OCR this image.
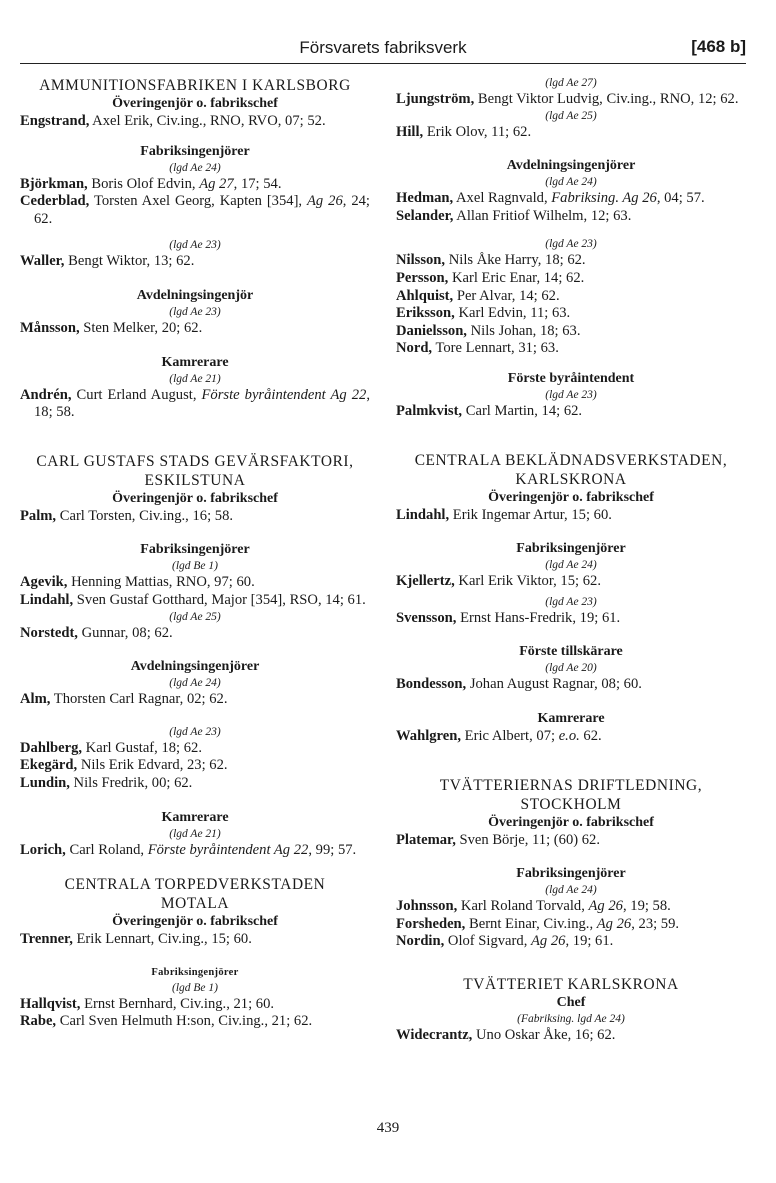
Försvarets fabriksverk	[468 b]
AMMUNITIONSFABRIKEN I KARLSBORG
Överingenjör o. fabrikschef
Engstrand, Axel Erik, Civ.ing., RNO, RVO, 07; 52.
Fabriksingenjörer
(lgd Ae 24)
Björkman, Boris Olof Edvin, Ag 27, 17; 54.
Cederblad, Torsten Axel Georg, Kapten [354], Ag 26, 24; 62.
(lgd Ae 23)
Waller, Bengt Wiktor, 13; 62.
Avdelningsingenjör
(lgd Ae 23)
Månsson, Sten Melker, 20; 62.
Kamrerare
(lgd Ae 21)
Andrén, Curt Erland August, Förste byråintendent Ag 22, 18; 58.
CARL GUSTAFS STADS GEVÄRSFAKTORI,
ESKILSTUNA
Överingenjör o. fabrikschef
Palm, Carl Torsten, Civ.ing., 16; 58.
Fabriksingenjörer
(lgd Be 1)
Agevik, Henning Mattias, RNO, 97; 60.
Lindahl, Sven Gustaf Gotthard, Major [354], RSO, 14; 61.
(lgd Ae 25)
Norstedt, Gunnar, 08; 62.
Avdelningsingenjörer
(lgd Ae 24)
Alm, Thorsten Carl Ragnar, 02; 62.
(lgd Ae 23)
Dahlberg, Karl Gustaf, 18; 62.
Ekegärd, Nils Erik Edvard, 23; 62.
Lundin, Nils Fredrik, 00; 62.
Kamrerare
(lgd Ae 21)
Lorich, Carl Roland, Förste byråintendent Ag 22, 99; 57.
CENTRALA TORPEDVERKSTADEN
MOTALA
Överingenjör o. fabrikschef
Trenner, Erik Lennart, Civ.ing., 15; 60.
Fabriksingenjörer
(lgd Be 1)
Hallqvist, Ernst Bernhard, Civ.ing., 21; 60.
Rabe, Carl Sven Helmuth H:son, Civ.ing., 21; 62.
(lgd Ae 27)
Ljungström, Bengt Viktor Ludvig, Civ.ing., RNO, 12; 62.
(lgd Ae 25)
Hill, Erik Olov, 11; 62.
Avdelningsingenjörer
(lgd Ae 24)
Hedman, Axel Ragnvald, Fabriksing. Ag 26, 04; 57.
Selander, Allan Fritiof Wilhelm, 12; 63.
(lgd Ae 23)
Nilsson, Nils Åke Harry, 18; 62.
Persson, Karl Eric Enar, 14; 62.
Ahlquist, Per Alvar, 14; 62.
Eriksson, Karl Edvin, 11; 63.
Danielsson, Nils Johan, 18; 63.
Nord, Tore Lennart, 31; 63.
Förste byråintendent
(lgd Ae 23)
Palmkvist, Carl Martin, 14; 62.
CENTRALA BEKLÄDNADSVERKSTADEN,
KARLSKRONA
Överingenjör o. fabrikschef
Lindahl, Erik Ingemar Artur, 15; 60.
Fabriksingenjörer
(lgd Ae 24)
Kjellertz, Karl Erik Viktor, 15; 62.
(lgd Ae 23)
Svensson, Ernst Hans-Fredrik, 19; 61.
Förste tillskärare
(lgd Ae 20)
Bondesson, Johan August Ragnar, 08; 60.
Kamrerare
Wahlgren, Eric Albert, 07; e.o. 62.
TVÄTTERIERNAS DRIFTLEDNING,
STOCKHOLM
Överingenjör o. fabrikschef
Platemar, Sven Börje, 11; (60) 62.
Fabriksingenjörer
(lgd Ae 24)
Johnsson, Karl Roland Torvald, Ag 26, 19; 58.
Forsheden, Bernt Einar, Civ.ing., Ag 26, 23; 59.
Nordin, Olof Sigvard, Ag 26, 19; 61.
TVÄTTERIET KARLSKRONA
Chef
(Fabriksing. lgd Ae 24)
Widecrantz, Uno Oskar Åke, 16; 62.
439
